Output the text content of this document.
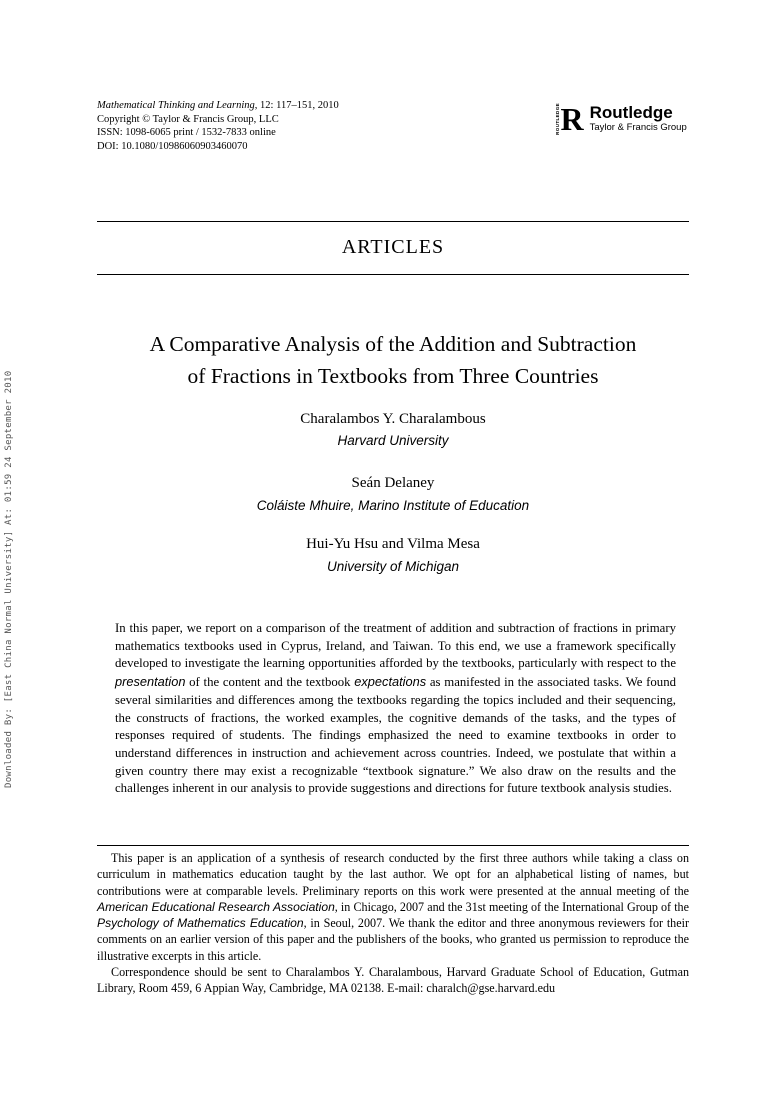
Downloaded By: [East China Normal University] At: 01:59 24 September 2010
Mathematical Thinking and Learning, 12: 117–151, 2010
Copyright © Taylor & Francis Group, LLC
ISSN: 1098-6065 print / 1532-7833 online
DOI: 10.1080/10986060903460070
ROUTLEDGE R Routledge
Taylor & Francis Group
ARTICLES
A Comparative Analysis of the Addition and Subtraction
of Fractions in Textbooks from Three Countries
Charalambos Y. Charalambous
Harvard University
Seán Delaney
Coláiste Mhuire, Marino Institute of Education
Hui-Yu Hsu and Vilma Mesa
University of Michigan

In this paper, we report on a comparison of the treatment of addition and subtraction of fractions in primary mathematics textbooks used in Cyprus, Ireland, and Taiwan. To this end, we use a framework specifically developed to investigate the learning opportunities afforded by the textbooks, particularly with respect to the presentation of the content and the textbook expectations as manifested in the associated tasks. We found several similarities and differences among the textbooks regarding the topics included and their sequencing, the constructs of fractions, the worked examples, the cognitive demands of the tasks, and the types of responses required of students. The findings emphasized the need to examine textbooks in order to understand differences in instruction and achievement across countries. Indeed, we postulate that within a given country there may exist a recognizable “textbook signature.” We also draw on the results and the challenges inherent in our analysis to provide suggestions and directions for future textbook analysis studies.

This paper is an application of a synthesis of research conducted by the first three authors while taking a class on curriculum in mathematics education taught by the last author. We opt for an alphabetical listing of names, but contributions were at comparable levels. Preliminary reports on this work were presented at the annual meeting of the American Educational Research Association, in Chicago, 2007 and the 31st meeting of the International Group of the Psychology of Mathematics Education, in Seoul, 2007. We thank the editor and three anonymous reviewers for their comments on an earlier version of this paper and the publishers of the books, who granted us permission to reproduce the illustrative excerpts in this article.

Correspondence should be sent to Charalambos Y. Charalambous, Harvard Graduate School of Education, Gutman Library, Room 459, 6 Appian Way, Cambridge, MA 02138. E-mail: charalch@gse.harvard.edu
